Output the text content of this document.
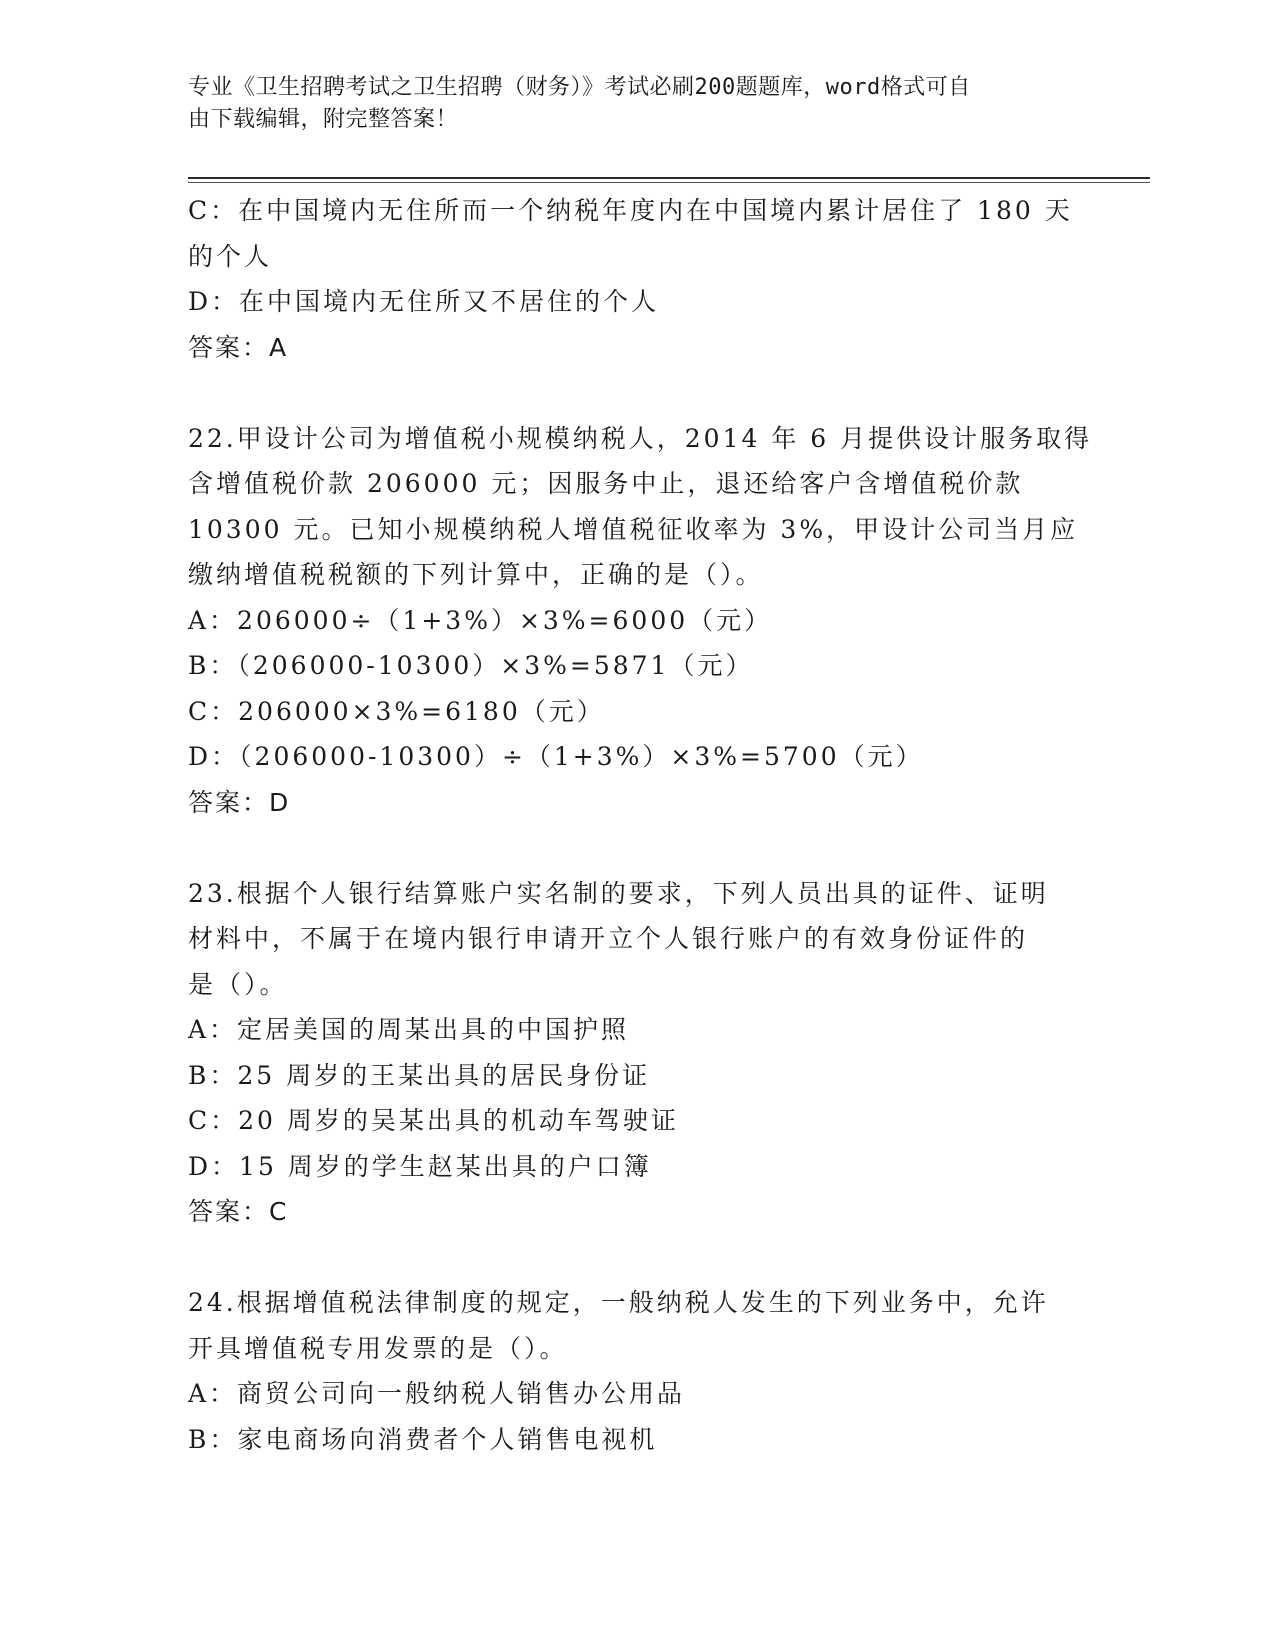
专业《卫生招聘考试之卫生招聘（财务）》考试必刷200题题库，word格式可自
由下载编辑，附完整答案！
C：在中国境内无住所而一个纳税年度内在中国境内累计居住了 180 天
的个人
D：在中国境内无住所又不居住的个人
答案：A
22.甲设计公司为增值税小规模纳税人，2014 年 6 月提供设计服务取得
含增值税价款 206000 元；因服务中止，退还给客户含增值税价款
10300 元。已知小规模纳税人增值税征收率为 3%，甲设计公司当月应
缴纳增值税税额的下列计算中，正确的是（）。
A：206000÷（1+3%）×3%=6000（元）
B：（206000-10300）×3%=5871（元）
C：206000×3%=6180（元）
D：（206000-10300）÷（1+3%）×3%=5700（元）
答案：D
23.根据个人银行结算账户实名制的要求，下列人员出具的证件、证明
材料中，不属于在境内银行申请开立个人银行账户的有效身份证件的
是（）。
A：定居美国的周某出具的中国护照
B：25 周岁的王某出具的居民身份证
C：20 周岁的吴某出具的机动车驾驶证
D：15 周岁的学生赵某出具的户口簿
答案：C
24.根据增值税法律制度的规定，一般纳税人发生的下列业务中，允许
开具增值税专用发票的是（）。
A：商贸公司向一般纳税人销售办公用品
B：家电商场向消费者个人销售电视机
